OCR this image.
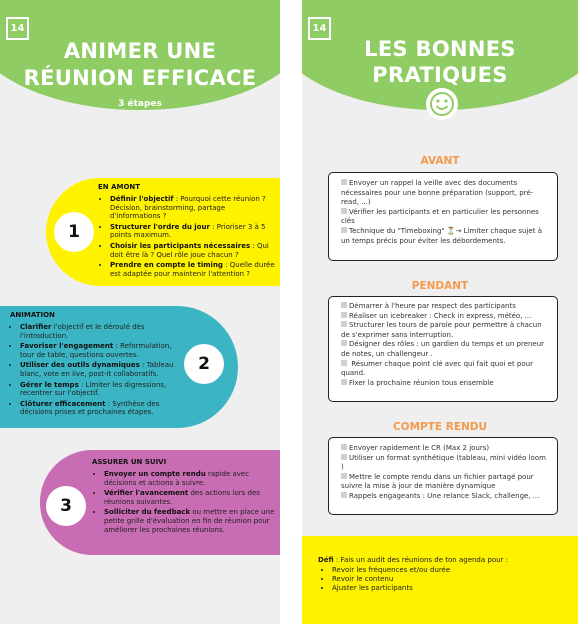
14
ANIMER UNE
RÉUNION EFFICACE
3 étapes
1
EN AMONT
• Définir l'objectif : Pourquoi cette réunion ? Décision, brainstorming, partage d'informations ?
• Structurer l'ordre du jour : Prioriser 3 à 5 points maximum.
• Choisir les participants nécessaires : Qui doit être là ? Quel rôle joue chacun ?
• Prendre en compte le timing : Quelle durée est adaptée pour maintenir l'attention ?
ANIMATION
• Clarifier l'objectif et le déroulé dès l'introduction.
• Favoriser l'engagement : Reformulation, tour de table, questions ouvertes.
• Utiliser des outils dynamiques : Tableau blanc, vote en live, post-it collaboratifs.
• Gérer le temps : Limiter les digressions, recentrer sur l'objectif.
• Clôturer efficacement : Synthèse des décisions prises et prochaines étapes.
2
3
ASSURER UN SUIVI
• Envoyer un compte rendu rapide avec décisions et actions à suivre.
• Vérifier l'avancement des actions lors des réunions suivantes.
• Solliciter du feedback ou mettre en place une petite grille d'évaluation en fin de réunion pour améliorer les prochaines réunions.
14
LES BONNES
PRATIQUES
AVANT
Envoyer un rappel la veille avec des documents nécessaires pour une bonne préparation (support, pré-read, ...)
Vérifier les participants et en particulier les personnes clés
Technique du "Timeboxing" ⏳→ Limiter chaque sujet à un temps précis pour éviter les débordements.
PENDANT
Démarrer à l'heure par respect des participants
Réaliser un icebreaker : Check in express, météo, ...
Structurer les tours de parole pour permettre à chacun de s'exprimer sans interruption.
Désigner des rôles : un gardien du temps et un preneur de notes, un challengeur .
Résumer chaque point clé avec qui fait quoi et pour quand.
Fixer la prochaine réunion tous ensemble
COMPTE RENDU
Envoyer rapidement le CR (Max 2 jours)
Utiliser un format synthétique (tableau, mini vidéo loom )
Mettre le compte rendu dans un fichier partagé pour suivre la mise à jour de manière dynamique
Rappels engageants : Une relance Slack, challenge, ...
Défi : Fais un audit des réunions de ton agenda pour :
• Revoir les fréquences et/ou durée
• Revoir le contenu
• Ajuster les participants
